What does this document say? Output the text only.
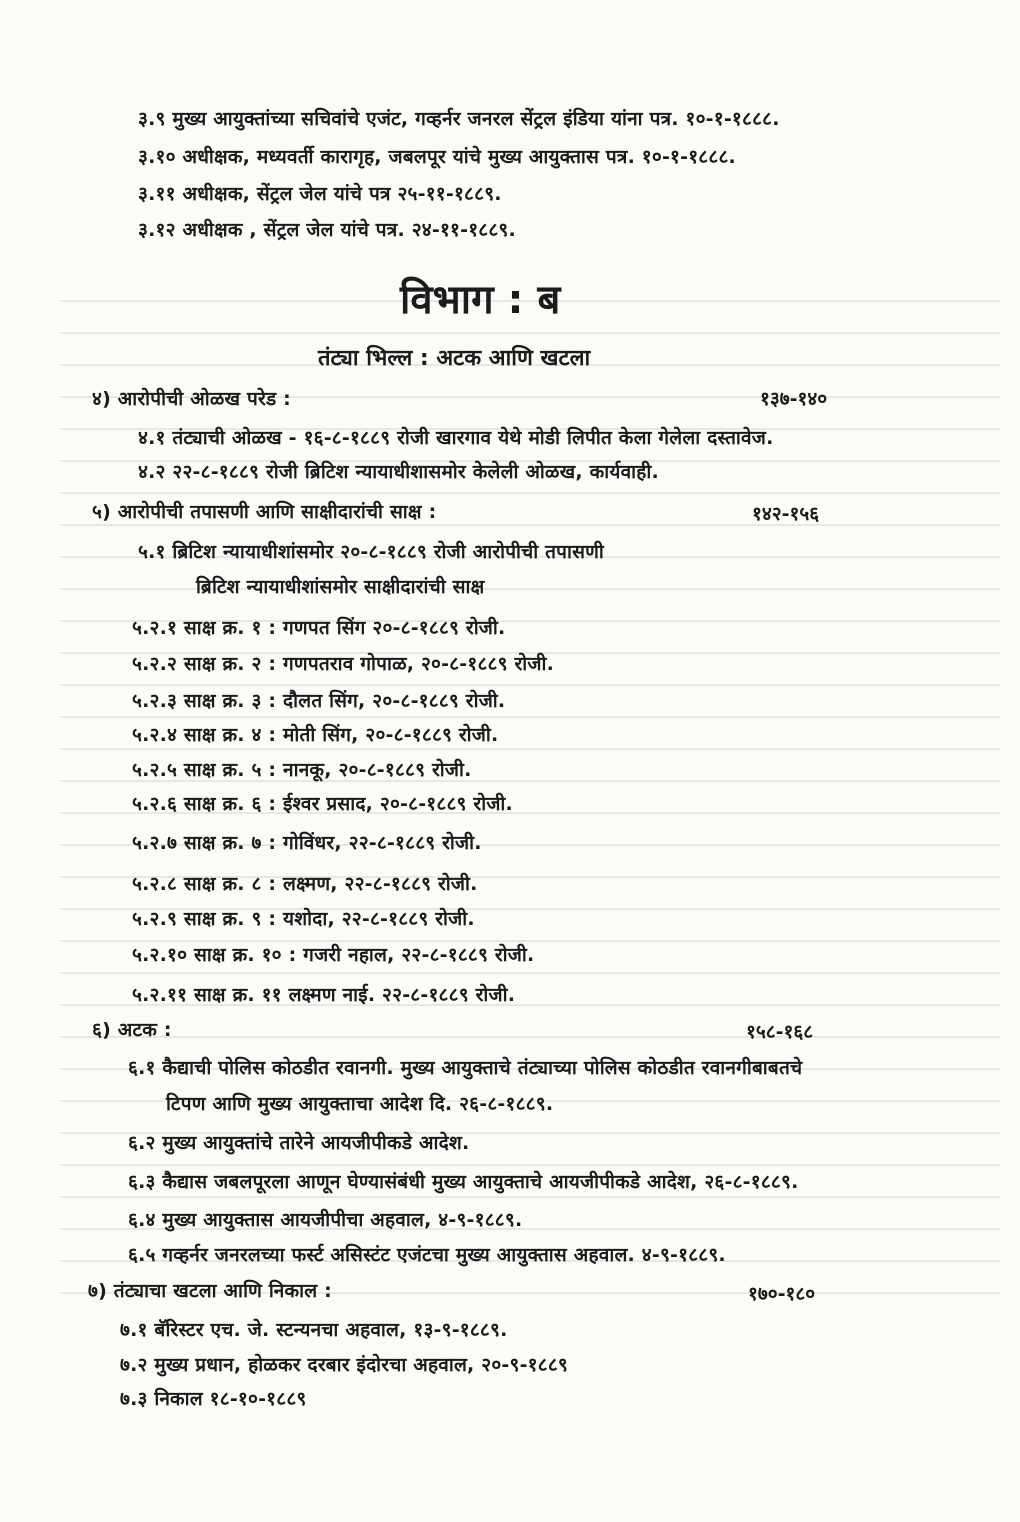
३.९ मुख्य आयुक्तांच्या सचिवांचे एजंट, गव्हर्नर जनरल सेंट्रल इंडिया यांना पत्र. १०-१-१८८८.
३.१० अधीक्षक, मध्यवर्ती कारागृह, जबलपूर यांचे मुख्य आयुक्तास पत्र. १०-१-१८८८.
३.११ अधीक्षक, सेंट्रल जेल यांचे पत्र २५-११-१८८९.
३.१२ अधीक्षक , सेंट्रल जेल यांचे पत्र. २४-११-१८८९.
विभाग : ब
तंट्या भिल्ल : अटक आणि खटला
४) आरोपीची ओळख परेड :	१३७-१४०
४.१ तंट्याची ओळख - १६-८-१८८९ रोजी खारगाव येथे मोडी लिपीत केला गेलेला दस्तावेज.
४.२ २२-८-१८८९ रोजी ब्रिटिश न्यायाधीशासमोर केलेली ओळख, कार्यवाही.
५) आरोपीची तपासणी आणि साक्षीदारांची साक्ष :	१४२-१५६
५.१ ब्रिटिश न्यायाधीशांसमोर २०-८-१८८९ रोजी आरोपीची तपासणी
ब्रिटिश न्यायाधीशांसमोर साक्षीदारांची साक्ष
५.२.१ साक्ष क्र. १ : गणपत सिंग २०-८-१८८९ रोजी.
५.२.२ साक्ष क्र. २ : गणपतराव गोपाळ, २०-८-१८८९ रोजी.
५.२.३ साक्ष क्र. ३ : दौलत सिंग, २०-८-१८८९ रोजी.
५.२.४ साक्ष क्र. ४ : मोती सिंग, २०-८-१८८९ रोजी.
५.२.५ साक्ष क्र. ५ : नानकू, २०-८-१८८९ रोजी.
५.२.६ साक्ष क्र. ६ : ईश्वर प्रसाद, २०-८-१८८९ रोजी.
५.२.७ साक्ष क्र. ७ : गोविंधर, २२-८-१८८९ रोजी.
५.२.८ साक्ष क्र. ८ : लक्ष्मण, २२-८-१८८९ रोजी.
५.२.९ साक्ष क्र. ९ : यशोदा, २२-८-१८८९ रोजी.
५.२.१० साक्ष क्र. १० : गजरी नहाल, २२-८-१८८९ रोजी.
५.२.११ साक्ष क्र. ११ लक्ष्मण नाई. २२-८-१८८९ रोजी.
६) अटक :	१५८-१६८
६.१ कैद्याची पोलिस कोठडीत रवानगी. मुख्य आयुक्ताचे तंट्याच्या पोलिस कोठडीत रवानगीबाबतचे
टिपण आणि मुख्य आयुक्ताचा आदेश दि. २६-८-१८८९.
६.२ मुख्य आयुक्तांचे तारेने आयजीपीकडे आदेश.
६.३ कैद्यास जबलपूरला आणून घेण्यासंबंधी मुख्य आयुक्ताचे आयजीपीकडे आदेश, २६-८-१८८९.
६.४ मुख्य आयुक्तास आयजीपीचा अहवाल, ४-९-१८८९.
६.५ गव्हर्नर जनरलच्या फर्स्ट असिस्टंट एजंटचा मुख्य आयुक्तास अहवाल. ४-९-१८८९.
७) तंट्याचा खटला आणि निकाल :	१७०-१८०
७.१ बॅरिस्टर एच. जे. स्टन्यनचा अहवाल, १३-९-१८८९.
७.२ मुख्य प्रधान, होळकर दरबार इंदोरचा अहवाल, २०-९-१८८९
७.३ निकाल १८-१०-१८८९
